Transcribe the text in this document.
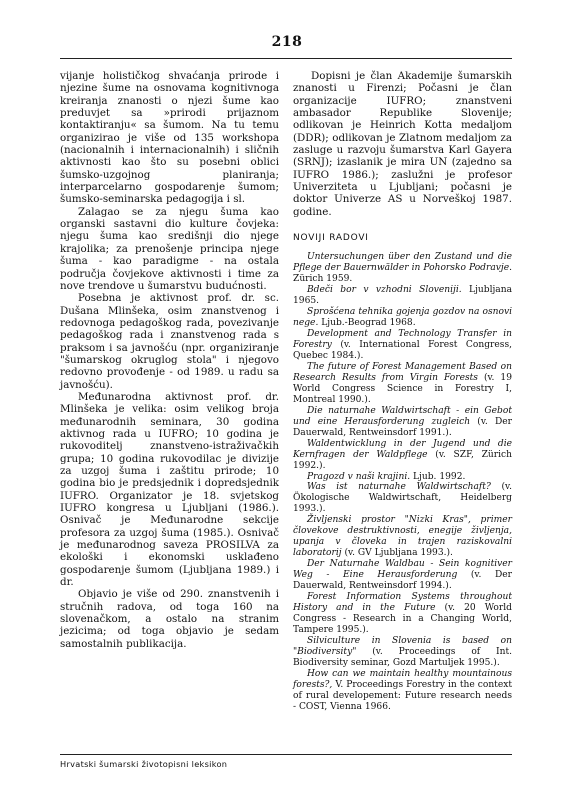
218

vijanje holističkog shvaćanja prirode i njezine šume na osnovama kognitivnoga kreiranja znanosti o njezi šume kao preduvjet sa »prirodi prijaznom kontaktiranju« sa šumom. Na tu temu organizirao je više od 135 workshopa (nacionalnih i internacionalnih) i sličnih aktivnosti kao što su posebni oblici šumsko-uzgojnog planiranja; interparcelarno gospodarenje šumom; šumsko-seminarska pedagogija i sl.

Zalagao se za njegu šuma kao organski sastavni dio kulture čovjeka: njegu šuma kao središnji dio njege krajolika; za prenošenje principa njege šuma - kao paradigme - na ostala područja čovjekove aktivnosti i time za nove trendove u šumarstvu budućnosti.

Posebna je aktivnost prof. dr. sc. Dušana Mlinšeka, osim znanstvenog i redovnoga pedagoškog rada, povezivanje pedagoškog rada i znanstvenog rada s praksom i sa javnošću (npr. organiziranje "šumarskog okruglog stola" i njegovo redovno provođenje - od 1989. u radu sa javnošću).

Međunarodna aktivnost prof. dr. Mlinšeka je velika: osim velikog broja međunarodnih seminara, 30 godina aktivnog rada u IUFRO; 10 godina je rukovoditelj znanstveno-istraživačkih grupa; 10 godina rukovodilac je divizije za uzgoj šuma i zaštitu prirode; 10 godina bio je predsjednik i dopredsjednik IUFRO. Organizator je 18. svjetskog IUFRO kongresa u Ljubljani (1986.). Osnivač je Međunarodne sekcije profesora za uzgoj šuma (1985.). Osnivač je međunarodnog saveza PROSILVA za ekološki i ekonomski usklađeno gospodarenje šumom (Ljubljana 1989.) i dr.

Objavio je više od 290. znanstvenih i stručnih radova, od toga 160 na slovenačkom, a ostalo na stranim jezicima; od toga objavio je sedam samostalnih publikacija.

Dopisni je član Akademije šumarskih znanosti u Firenzi; Počasni je član organizacije IUFRO; znanstveni ambasador Republike Slovenije; odlikovan je Heinrich Kotta medaljom (DDR); odlikovan je Zlatnom medaljom za zasluge u razvoju šumarstva Karl Gayera (SRNJ); izaslanik je mira UN (zajedno sa IUFRO 1986.); zaslužni je profesor Univerziteta u Ljubljani; počasni je doktor Univerze AS u Norveškoj 1987. godine.

NOVIJI RADOVI

Untersuchungen über den Zustand und die Pflege der Bauernwälder in Pohorsko Podravje. Zürich 1959.

Bdeči bor v vzhodni Sloveniji. Ljubljana 1965.

Sprošćena tehnika gojenja gozdov na osnovi nege. Ljub.-Beograd 1968.

Development and Technology Transfer in Forestry (v. International Forest Congress, Quebec 1984.).

The future of Forest Management Based on Research Results from Virgin Forests (v. 19 World Congress Science in Forestry I, Montreal 1990.).

Die naturnahe Waldwirtschaft - ein Gebot und eine Herausforderung zugleich (v. Der Dauerwald, Rentweinsdorf 1991.).

Waldentwicklung in der Jugend und die Kernfragen der Waldpflege (v. SZF, Zürich 1992.).

Pragozd v naši krajini. Ljub. 1992.

Was ist naturnahe Waldwirtschaft? (v. Ökologische Waldwirtschaft, Heidelberg 1993.).

Življenski prostor "Nizki Kras", primer človekove destruktivnosti, enegije življenja, upanja v človeka in trajen raziskovalni laboratorij (v. GV Ljubljana 1993.).

Der Naturnahe Waldbau - Sein kognitiver Weg - Eine Herausforderung (v. Der Dauerwald, Rentweinsdorf 1994.).

Forest Information Systems throughout History and in the Future (v. 20 World Congress - Research in a Changing World, Tampere 1995.).

Silviculture in Slovenia is based on "Biodiversity" (v. Proceedings of Int. Biodiversity seminar, Gozd Martuljek 1995.).

How can we maintain healthy mountainous forests?, V. Proceedings Forestry in the context of rural developement: Future research needs - COST, Vienna 1966.

Hrvatski šumarski životopisni leksikon
